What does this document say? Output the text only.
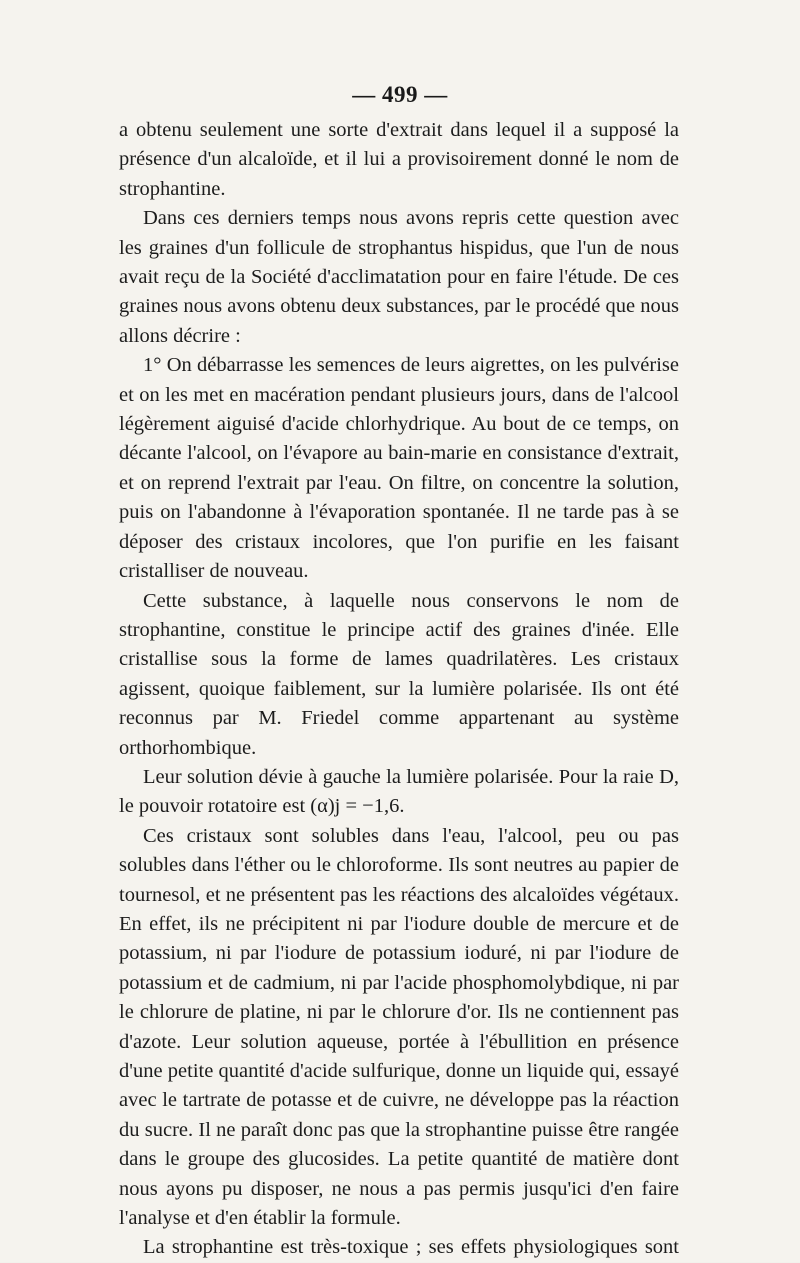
— 499 —

a obtenu seulement une sorte d'extrait dans lequel il a supposé la présence d'un alcaloïde, et il lui a provisoirement donné le nom de strophantine.

Dans ces derniers temps nous avons repris cette question avec les graines d'un follicule de strophantus hispidus, que l'un de nous avait reçu de la Société d'acclimatation pour en faire l'étude. De ces graines nous avons obtenu deux substances, par le procédé que nous allons décrire :

1° On débarrasse les semences de leurs aigrettes, on les pulvérise et on les met en macération pendant plusieurs jours, dans de l'alcool légèrement aiguisé d'acide chlorhydrique. Au bout de ce temps, on décante l'alcool, on l'évapore au bain-marie en consistance d'extrait, et on reprend l'extrait par l'eau. On filtre, on concentre la solution, puis on l'abandonne à l'évaporation spontanée. Il ne tarde pas à se déposer des cristaux incolores, que l'on purifie en les faisant cristalliser de nouveau.

Cette substance, à laquelle nous conservons le nom de strophantine, constitue le principe actif des graines d'inée. Elle cristallise sous la forme de lames quadrilatères. Les cristaux agissent, quoique faiblement, sur la lumière polarisée. Ils ont été reconnus par M. Friedel comme appartenant au système orthorhombique.

Leur solution dévie à gauche la lumière polarisée. Pour la raie D, le pouvoir rotatoire est (α)j = −1,6.

Ces cristaux sont solubles dans l'eau, l'alcool, peu ou pas solubles dans l'éther ou le chloroforme. Ils sont neutres au papier de tournesol, et ne présentent pas les réactions des alcaloïdes végétaux. En effet, ils ne précipitent ni par l'iodure double de mercure et de potassium, ni par l'iodure de potassium ioduré, ni par l'iodure de potassium et de cadmium, ni par l'acide phosphomolybdique, ni par le chlorure de platine, ni par le chlorure d'or. Ils ne contiennent pas d'azote. Leur solution aqueuse, portée à l'ébullition en présence d'une petite quantité d'acide sulfurique, donne un liquide qui, essayé avec le tartrate de potasse et de cuivre, ne développe pas la réaction du sucre. Il ne paraît donc pas que la strophantine puisse être rangée dans le groupe des glucosides. La petite quantité de matière dont nous ayons pu disposer, ne nous a pas permis jusqu'ici d'en faire l'analyse et d'en établir la formule.

La strophantine est très-toxique ; ses effets physiologiques sont
